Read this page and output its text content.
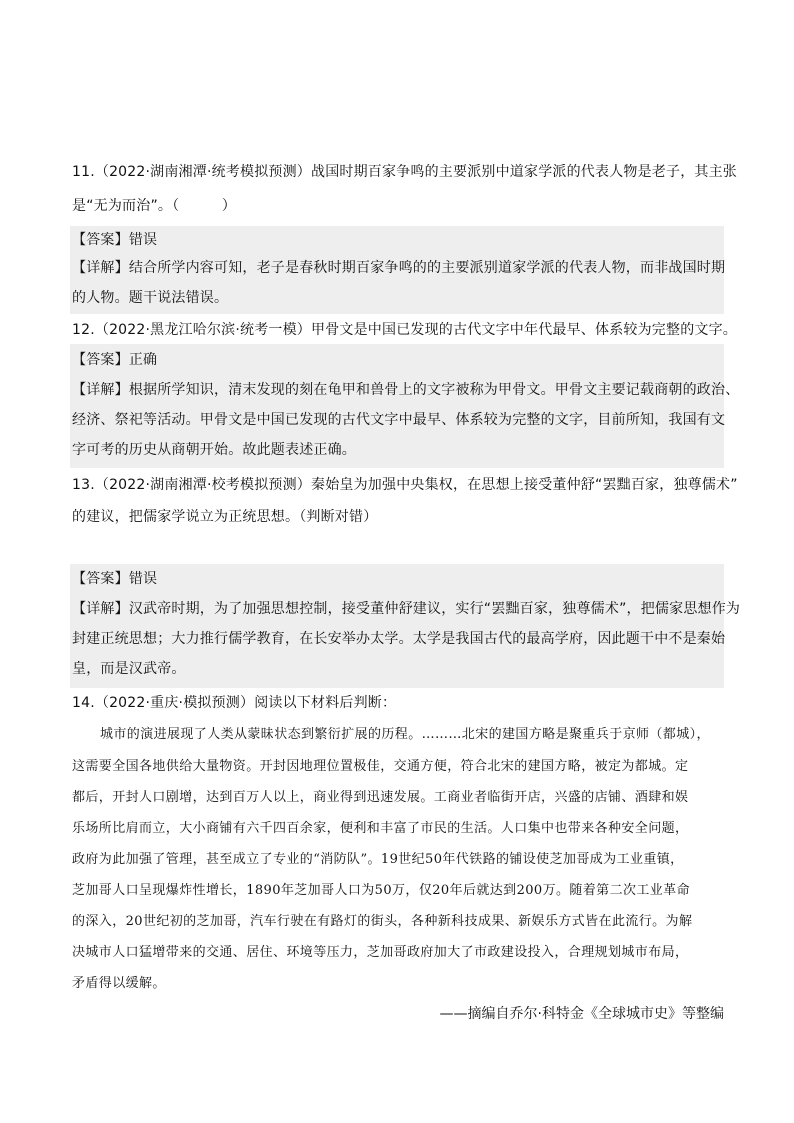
11.（2022·湖南湘潭·统考模拟预测）战国时期百家争鸣的主要派别中道家学派的代表人物是老子，其主张
是“无为而治”。（　　　）
【答案】错误
【详解】结合所学内容可知，老子是春秋时期百家争鸣的的主要派别道家学派的代表人物，而非战国时期
的人物。题干说法错误。
12.（2022·黑龙江哈尔滨·统考一模）甲骨文是中国已发现的古代文字中年代最早、体系较为完整的文字。
【答案】正确
【详解】根据所学知识，清末发现的刻在龟甲和兽骨上的文字被称为甲骨文。甲骨文主要记载商朝的政治、
经济、祭祀等活动。甲骨文是中国已发现的古代文字中最早、体系较为完整的文字，目前所知，我国有文
字可考的历史从商朝开始。故此题表述正确。
13.（2022·湖南湘潭·校考模拟预测）秦始皇为加强中央集权，在思想上接受董仲舒“罢黜百家，独尊儒术”
的建议，把儒家学说立为正统思想。（判断对错）
【答案】错误
【详解】汉武帝时期，为了加强思想控制，接受董仲舒建议，实行“罢黜百家，独尊儒术”，把儒家思想作为
封建正统思想；大力推行儒学教育，在长安举办太学。太学是我国古代的最高学府，因此题干中不是秦始
皇，而是汉武帝。
14.（2022·重庆·模拟预测）阅读以下材料后判断：
城市的演进展现了人类从蒙昧状态到繁衍扩展的历程。………北宋的建国方略是聚重兵于京师（都城），
这需要全国各地供给大量物资。开封因地理位置极佳，交通方便，符合北宋的建国方略，被定为都城。定
都后，开封人口剧增，达到百万人以上，商业得到迅速发展。工商业者临街开店，兴盛的店铺、酒肆和娱
乐场所比肩而立，大小商铺有六千四百余家，便利和丰富了市民的生活。人口集中也带来各种安全问题，
政府为此加强了管理，甚至成立了专业的“消防队”。19世纪50年代铁路的铺设使芝加哥成为工业重镇，
芝加哥人口呈现爆炸性增长，1890年芝加哥人口为50万，仅20年后就达到200万。随着第二次工业革命
的深入，20世纪初的芝加哥，汽车行驶在有路灯的街头，各种新科技成果、新娱乐方式皆在此流行。为解
决城市人口猛增带来的交通、居住、环境等压力，芝加哥政府加大了市政建设投入，合理规划城市布局，
矛盾得以缓解。
——摘编自乔尔·科特金《全球城市史》等整编
